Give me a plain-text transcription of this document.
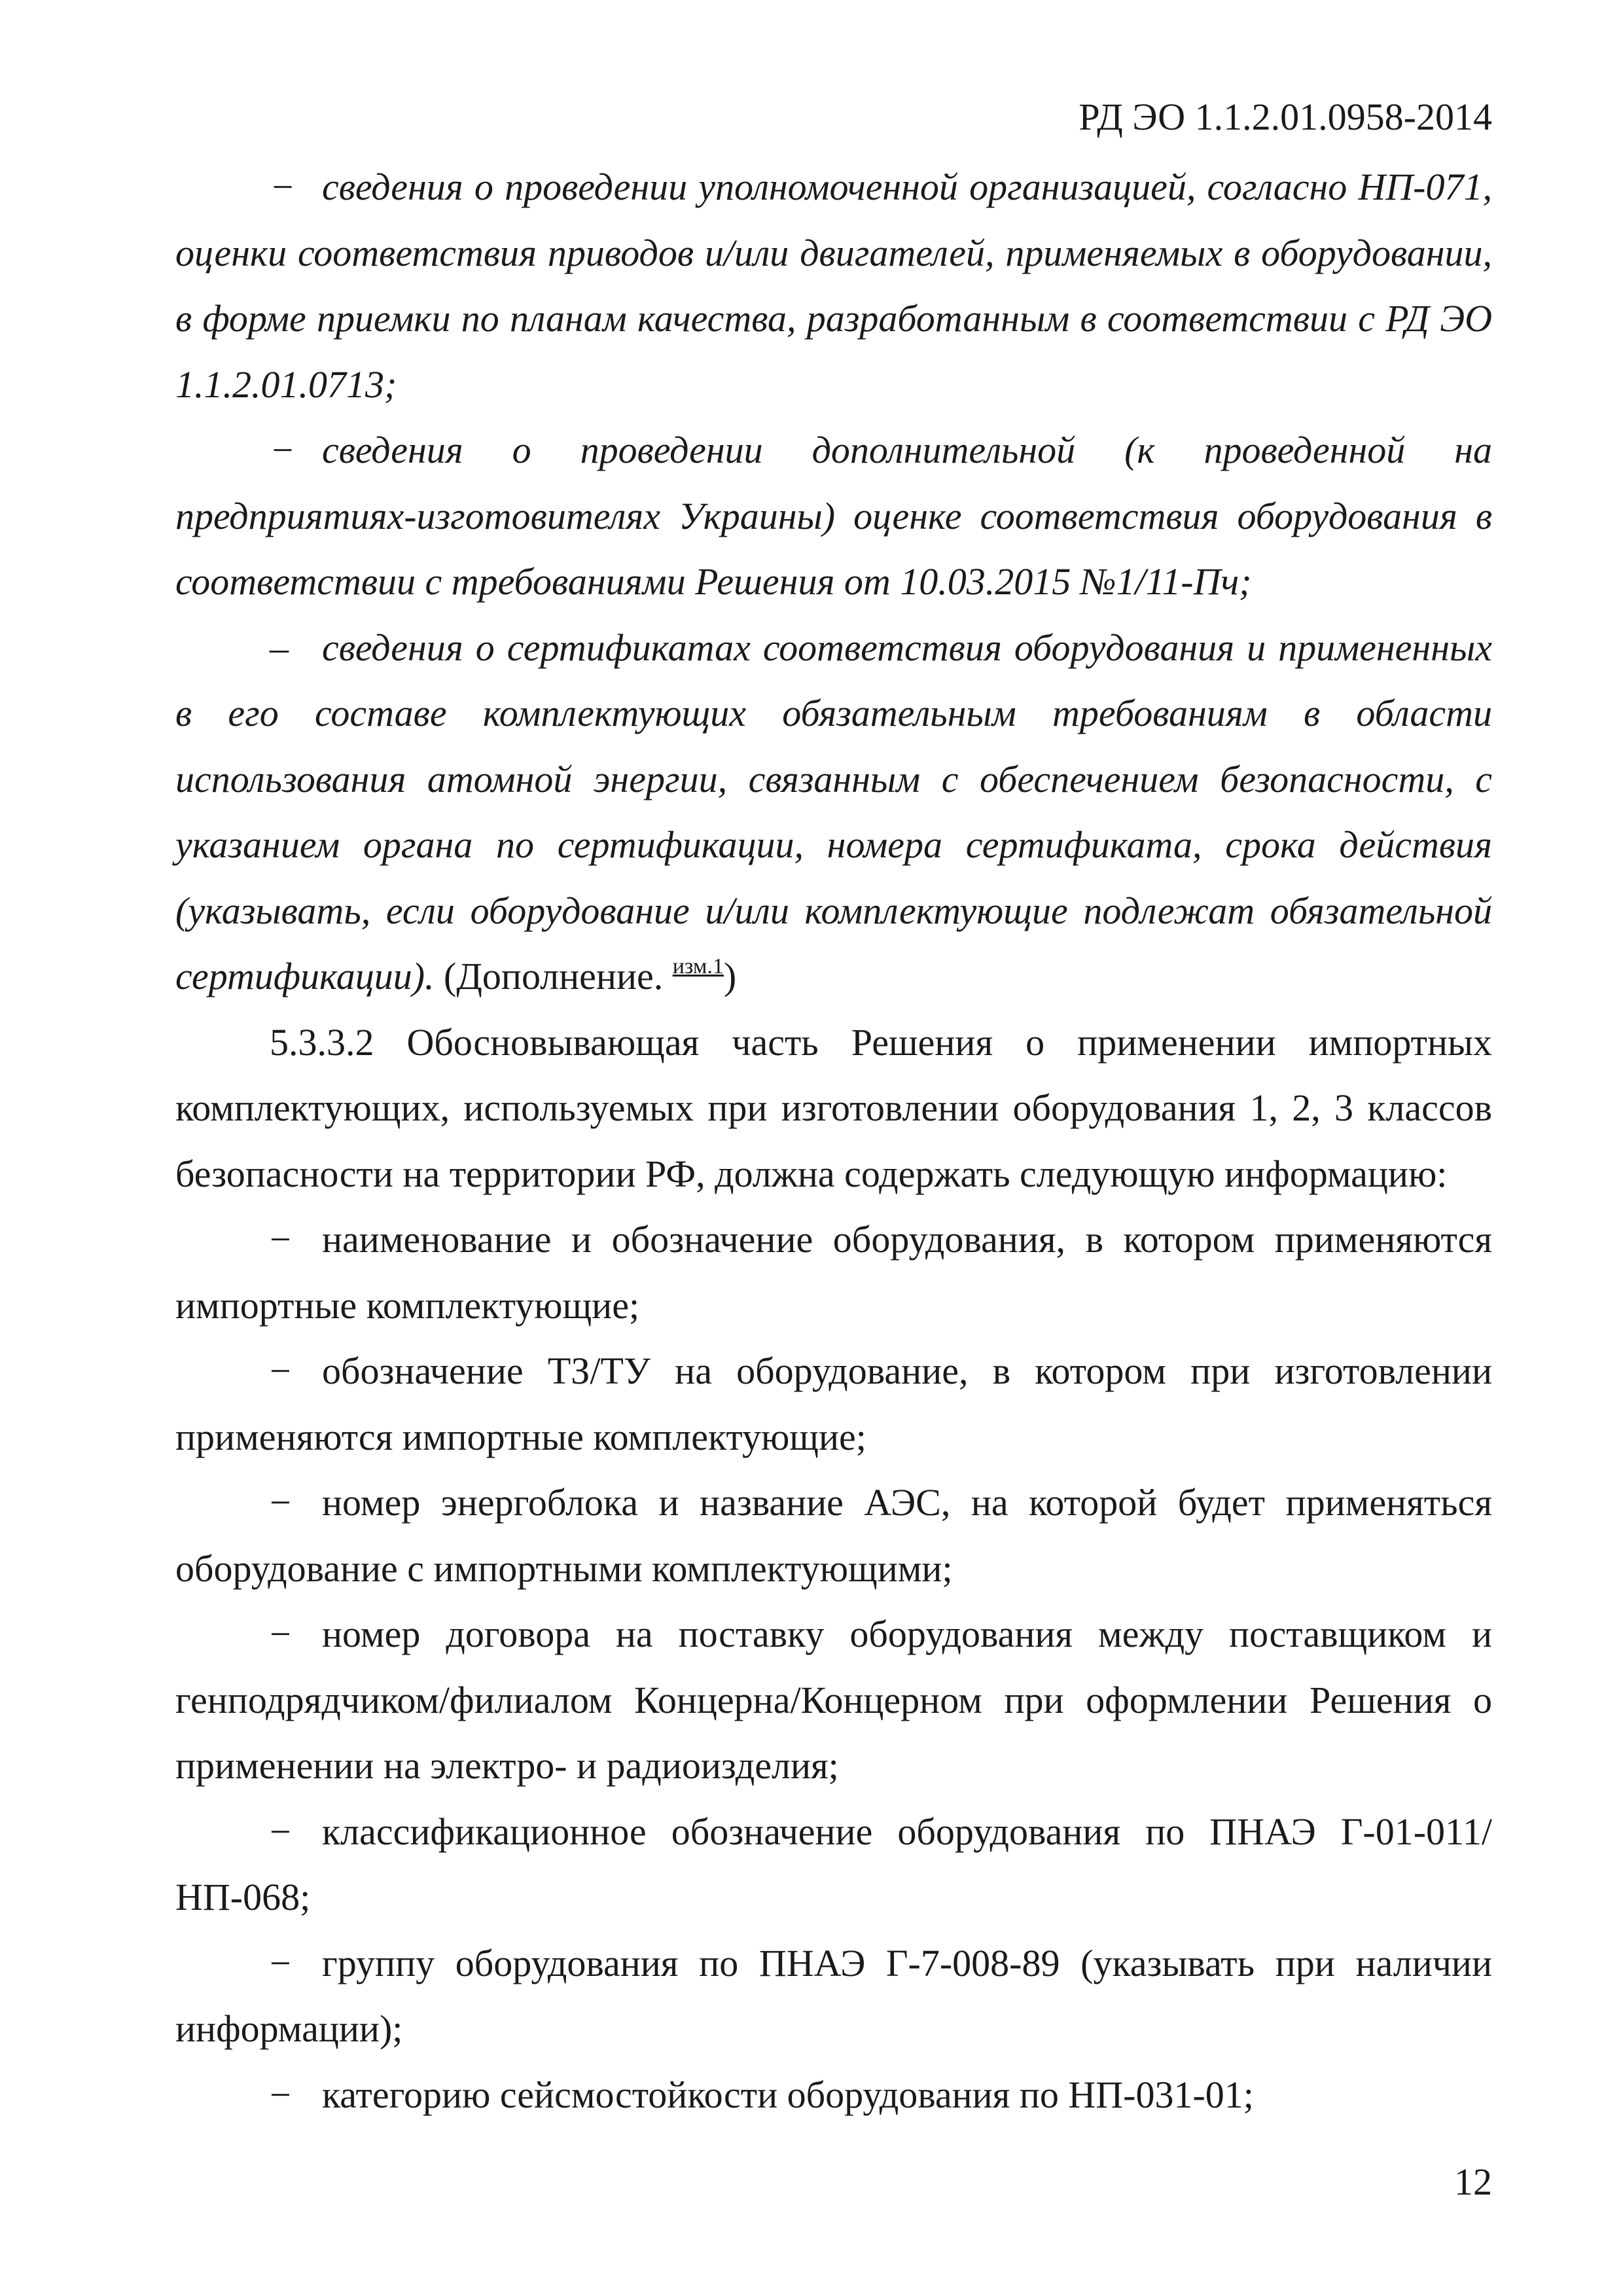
РД ЭО 1.1.2.01.0958-2014

− сведения о проведении уполномоченной организацией, согласно НП-071, оценки соответствия приводов и/или двигателей, применяемых в оборудовании, в форме приемки по планам качества, разработанным в соответствии с РД ЭО 1.1.2.01.0713;

− сведения о проведении дополнительной (к проведенной на предприятиях-изготовителях Украины) оценке соответствия оборудования в соответствии с требованиями Решения от 10.03.2015 №1/11-Пч;

– сведения о сертификатах соответствия оборудования и примененных в его составе комплектующих обязательным требованиям в области использования атомной энергии, связанным с обеспечением безопасности, с указанием органа по сертификации, номера сертификата, срока действия (указывать, если оборудование и/или комплектующие подлежат обязательной сертификации). (Дополнение. $^{изм.1}$)

5.3.3.2 Обосновывающая часть Решения о применении импортных комплектующих, используемых при изготовлении оборудования 1, 2, 3 классов безопасности на территории РФ, должна содержать следующую информацию:

− наименование и обозначение оборудования, в котором применяются импортные комплектующие;

− обозначение ТЗ/ТУ на оборудование, в котором при изготовлении применяются импортные комплектующие;

− номер энергоблока и название АЭС, на которой будет применяться оборудование с импортными комплектующими;

− номер договора на поставку оборудования между поставщиком и генподрядчиком/филиалом Концерна/Концерном при оформлении Решения о применении на электро- и радиоизделия;

− классификационное обозначение оборудования по ПНАЭ Г-01-011/НП-068;

− группу оборудования по ПНАЭ Г-7-008-89 (указывать при наличии информации);

− категорию сейсмостойкости оборудования по НП-031-01;

12
